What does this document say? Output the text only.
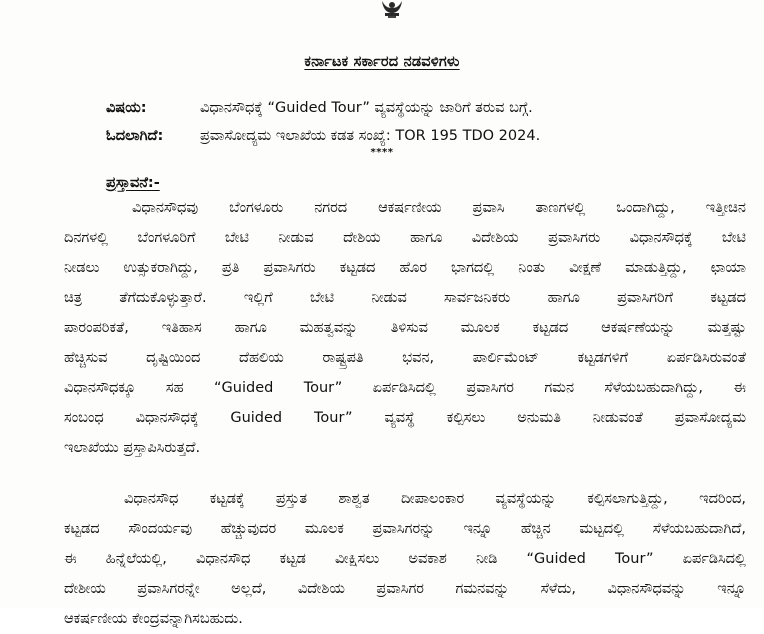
ಕರ್ನಾಟಕ ಸರ್ಕಾರದ ನಡವಳಿಗಳು
ವಿಷಯ:	ವಿಧಾನಸೌಧಕ್ಕೆ “Guided Tour” ವ್ಯವಸ್ಥೆಯನ್ನು ಜಾರಿಗೆ ತರುವ ಬಗ್ಗೆ.
ಓದಲಾಗಿದೆ:	ಪ್ರವಾಸೋದ್ಯಮ ಇಲಾಖೆಯ ಕಡತ ಸಂಖ್ಯೆ: TOR 195 TDO 2024.
****
ಪ್ರಸ್ತಾವನೆ:-
ವಿಧಾನಸೌಧವು ಬೆಂಗಳೂರು ನಗರದ ಆಕರ್ಷಣೀಯ ಪ್ರವಾಸಿ ತಾಣಗಳಲ್ಲಿ ಒಂದಾಗಿದ್ದು, ಇತ್ತೀಚಿನ
ದಿನಗಳಲ್ಲಿ ಬೆಂಗಳೂರಿಗೆ ಬೇಟಿ ನೀಡುವ ದೇಶಿಯ ಹಾಗೂ ವಿದೇಶಿಯ ಪ್ರವಾಸಿಗರು ವಿಧಾನಸೌಧಕ್ಕೆ ಬೇಟಿ
ನೀಡಲು ಉತ್ಸುಕರಾಗಿದ್ದು, ಪ್ರತಿ ಪ್ರವಾಸಿಗರು ಕಟ್ಟಡದ ಹೊರ ಭಾಗದಲ್ಲಿ ನಿಂತು ವೀಕ್ಷಣೆ ಮಾಡುತ್ತಿದ್ದು, ಛಾಯಾ
ಚಿತ್ರ ತೆಗೆದುಕೊಳ್ಳುತ್ತಾರೆ. ಇಲ್ಲಿಗೆ ಬೇಟಿ ನೀಡುವ ಸಾರ್ವಜನಿಕರು ಹಾಗೂ ಪ್ರವಾಸಿಗರಿಗೆ ಕಟ್ಟಡದ
ಪಾರಂಪರಿಕತೆ, ಇತಿಹಾಸ ಹಾಗೂ ಮಹತ್ವವನ್ನು ತಿಳಿಸುವ ಮೂಲಕ ಕಟ್ಟಡದ ಆಕರ್ಷಣೆಯನ್ನು ಮತ್ತಷ್ಟು
ಹೆಚ್ಚಿಸುವ ದೃಷ್ಟಿಯಿಂದ ದೆಹಲಿಯ ರಾಷ್ಟ್ರಪತಿ ಭವನ, ಪಾರ್ಲಿಮೆಂಟ್ ಕಟ್ಟಡಗಳಿಗೆ ಏರ್ಪಡಿಸಿರುವಂತೆ
ವಿಧಾನಸೌಧಕ್ಕೂ ಸಹ “Guided Tour” ಏರ್ಪಡಿಸಿದಲ್ಲಿ ಪ್ರವಾಸಿಗರ ಗಮನ ಸೆಳೆಯಬಹುದಾಗಿದ್ದು, ಈ
ಸಂಬಂಧ ವಿಧಾನಸೌಧಕ್ಕೆ Guided Tour” ವ್ಯವಸ್ಥೆ ಕಲ್ಪಿಸಲು ಅನುಮತಿ ನೀಡುವಂತೆ ಪ್ರವಾಸೋದ್ಯಮ
ಇಲಾಖೆಯು ಪ್ರಸ್ತಾಪಿಸಿರುತ್ತದೆ.
ವಿಧಾನಸೌಧ ಕಟ್ಟಡಕ್ಕೆ ಪ್ರಸ್ತುತ ಶಾಶ್ವತ ದೀಪಾಲಂಕಾರ ವ್ಯವಸ್ಥೆಯನ್ನು ಕಲ್ಪಿಸಲಾಗುತ್ತಿದ್ದು, ಇದರಿಂದ,
ಕಟ್ಟಡದ ಸೌಂದರ್ಯವು ಹೆಚ್ಚುವುದರ ಮೂಲಕ ಪ್ರವಾಸಿಗರನ್ನು ಇನ್ನೂ ಹೆಚ್ಚಿನ ಮಟ್ಟದಲ್ಲಿ ಸೆಳೆಯಬಹುದಾಗಿದೆ,
ಈ ಹಿನ್ನೆಲೆಯಲ್ಲಿ, ವಿಧಾನಸೌಧ ಕಟ್ಟಡ ವೀಕ್ಷಿಸಲು ಅವಕಾಶ ನೀಡಿ “Guided Tour” ಏರ್ಪಡಿಸಿದಲ್ಲಿ
ದೇಶೀಯ ಪ್ರವಾಸಿಗರನ್ನೇ ಅಲ್ಲದೆ, ವಿದೇಶಿಯ ಪ್ರವಾಸಿಗರ ಗಮನವನ್ನು ಸೆಳೆದು, ವಿಧಾನಸೌಧವನ್ನು ಇನ್ನೂ
ಆಕರ್ಷಣೀಯ ಕೇಂದ್ರವನ್ನಾಗಿಸಬಹುದು.
